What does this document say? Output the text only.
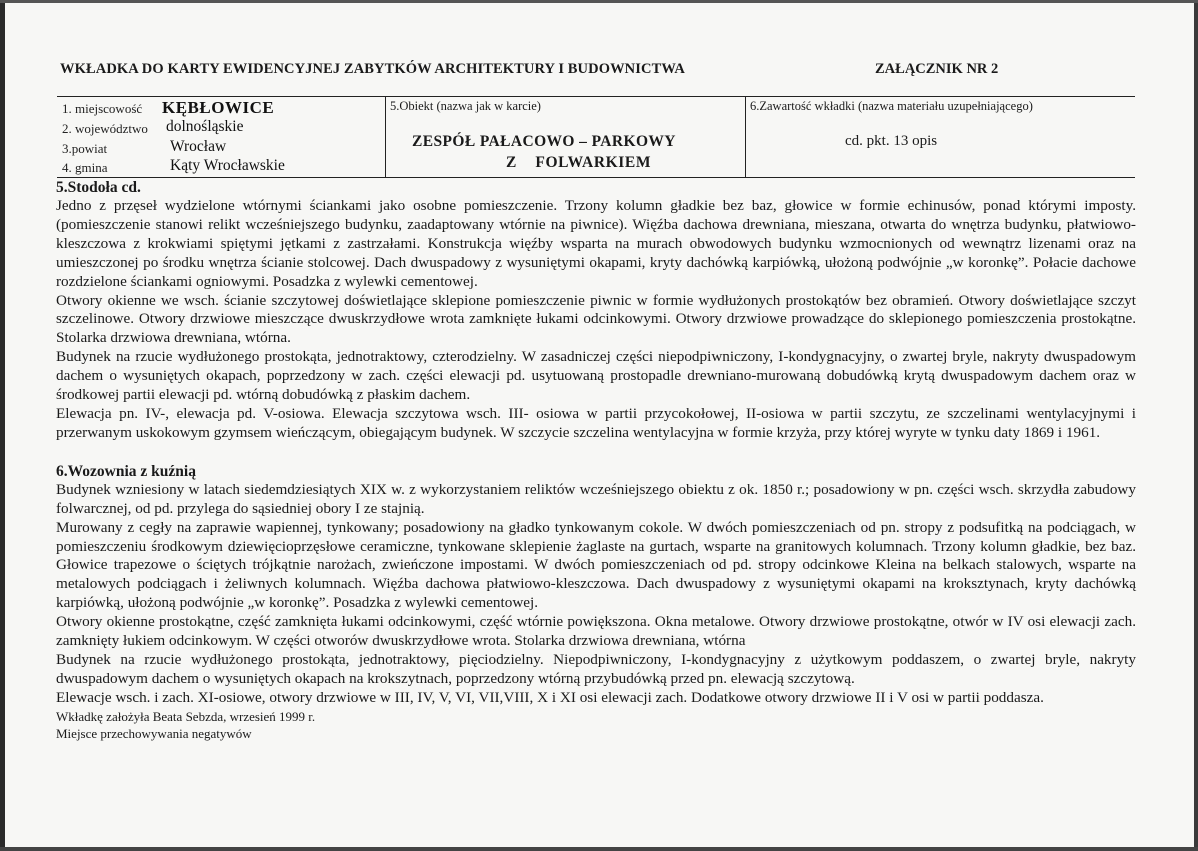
WKŁADKA DO KARTY EWIDENCYJNEJ ZABYTKÓW ARCHITEKTURY I BUDOWNICTWA	ZAŁĄCZNIK NR 2
1. miejscowość KĘBŁOWICE
2. województwo dolnośląskie
3.powiat	Wrocław
4. gmina	Kąty Wrocławskie
5.Obiekt (nazwa jak w karcie)
ZESPÓŁ PAŁACOWO – PARKOWY
Z FOLWARKIEM
6.Zawartość wkładki (nazwa materiału uzupełniającego)
cd. pkt. 13 opis
5.Stodoła cd.

Jedno z przęseł wydzielone wtórnymi ściankami jako osobne pomieszczenie. Trzony kolumn gładkie bez baz, głowice w formie echinusów, ponad którymi imposty. (pomieszczenie stanowi relikt wcześniejszego budynku, zaadaptowany wtórnie na piwnice). Więźba dachowa drewniana, mieszana, otwarta do wnętrza budynku, płatwiowo-kleszczowa z krokwiami spiętymi jętkami z zastrzałami. Konstrukcja więźby wsparta na murach obwodowych budynku wzmocnionych od wewnątrz lizenami oraz na umieszczonej po środku wnętrza ścianie stolcowej. Dach dwuspadowy z wysuniętymi okapami, kryty dachówką karpiówką, ułożoną podwójnie „w koronkę”. Połacie dachowe rozdzielone ściankami ogniowymi. Posadzka z wylewki cementowej.

Otwory okienne we wsch. ścianie szczytowej doświetlające sklepione pomieszczenie piwnic w formie wydłużonych prostokątów bez obramień. Otwory doświetlające szczyt szczelinowe. Otwory drzwiowe mieszczące dwuskrzydłowe wrota zamknięte łukami odcinkowymi. Otwory drzwiowe prowadzące do sklepionego pomieszczenia prostokątne. Stolarka drzwiowa drewniana, wtórna.

Budynek na rzucie wydłużonego prostokąta, jednotraktowy, czterodzielny. W zasadniczej części niepodpiwniczony, I-kondygnacyjny, o zwartej bryle, nakryty dwuspadowym dachem o wysuniętych okapach, poprzedzony w zach. części elewacji pd. usytuowaną prostopadle drewniano-murowaną dobudówką krytą dwuspadowym dachem oraz w środkowej partii elewacji pd. wtórną dobudówką z płaskim dachem.

Elewacja pn. IV-, elewacja pd. V-osiowa. Elewacja szczytowa wsch. III- osiowa w partii przycokołowej, II-osiowa w partii szczytu, ze szczelinami wentylacyjnymi i przerwanym uskokowym gzymsem wieńczącym, obiegającym budynek. W szczycie szczelina wentylacyjna w formie krzyża, przy której wyryte w tynku daty 1869 i 1961.

6.Wozownia z kuźnią

Budynek wzniesiony w latach siedemdziesiątych XIX w. z wykorzystaniem reliktów wcześniejszego obiektu z ok. 1850 r.; posadowiony w pn. części wsch. skrzydła zabudowy folwarcznej, od pd. przylega do sąsiedniej obory I ze stajnią.

Murowany z cegły na zaprawie wapiennej, tynkowany; posadowiony na gładko tynkowanym cokole. W dwóch pomieszczeniach od pn. stropy z podsufitką na podciągach, w pomieszczeniu środkowym dziewięcioprzęsłowe ceramiczne, tynkowane sklepienie żaglaste na gurtach, wsparte na granitowych kolumnach. Trzony kolumn gładkie, bez baz. Głowice trapezowe o ściętych trójkątnie narożach, zwieńczone impostami. W dwóch pomieszczeniach od pd. stropy odcinkowe Kleina na belkach stalowych, wsparte na metalowych podciągach i żeliwnych kolumnach. Więźba dachowa płatwiowo-kleszczowa. Dach dwuspadowy z wysuniętymi okapami na kroksztynach, kryty dachówką karpiówką, ułożoną podwójnie „w koronkę”. Posadzka z wylewki cementowej.

Otwory okienne prostokątne, część zamknięta łukami odcinkowymi, część wtórnie powiększona. Okna metalowe. Otwory drzwiowe prostokątne, otwór w IV osi elewacji zach. zamknięty łukiem odcinkowym. W części otworów dwuskrzydłowe wrota. Stolarka drzwiowa drewniana, wtórna

Budynek na rzucie wydłużonego prostokąta, jednotraktowy, pięciodzielny. Niepodpiwniczony, I-kondygnacyjny z użytkowym poddaszem, o zwartej bryle, nakryty dwuspadowym dachem o wysuniętych okapach na krokszytnach, poprzedzony wtórną przybudówką przed pn. elewacją szczytową.

Elewacje wsch. i zach. XI-osiowe, otwory drzwiowe w III, IV, V, VI, VII,VIII, X i XI osi elewacji zach. Dodatkowe otwory drzwiowe II i V osi w partii poddasza.

Wkładkę założyła Beata Sebzda, wrzesień 1999 r.
Miejsce przechowywania negatywów
